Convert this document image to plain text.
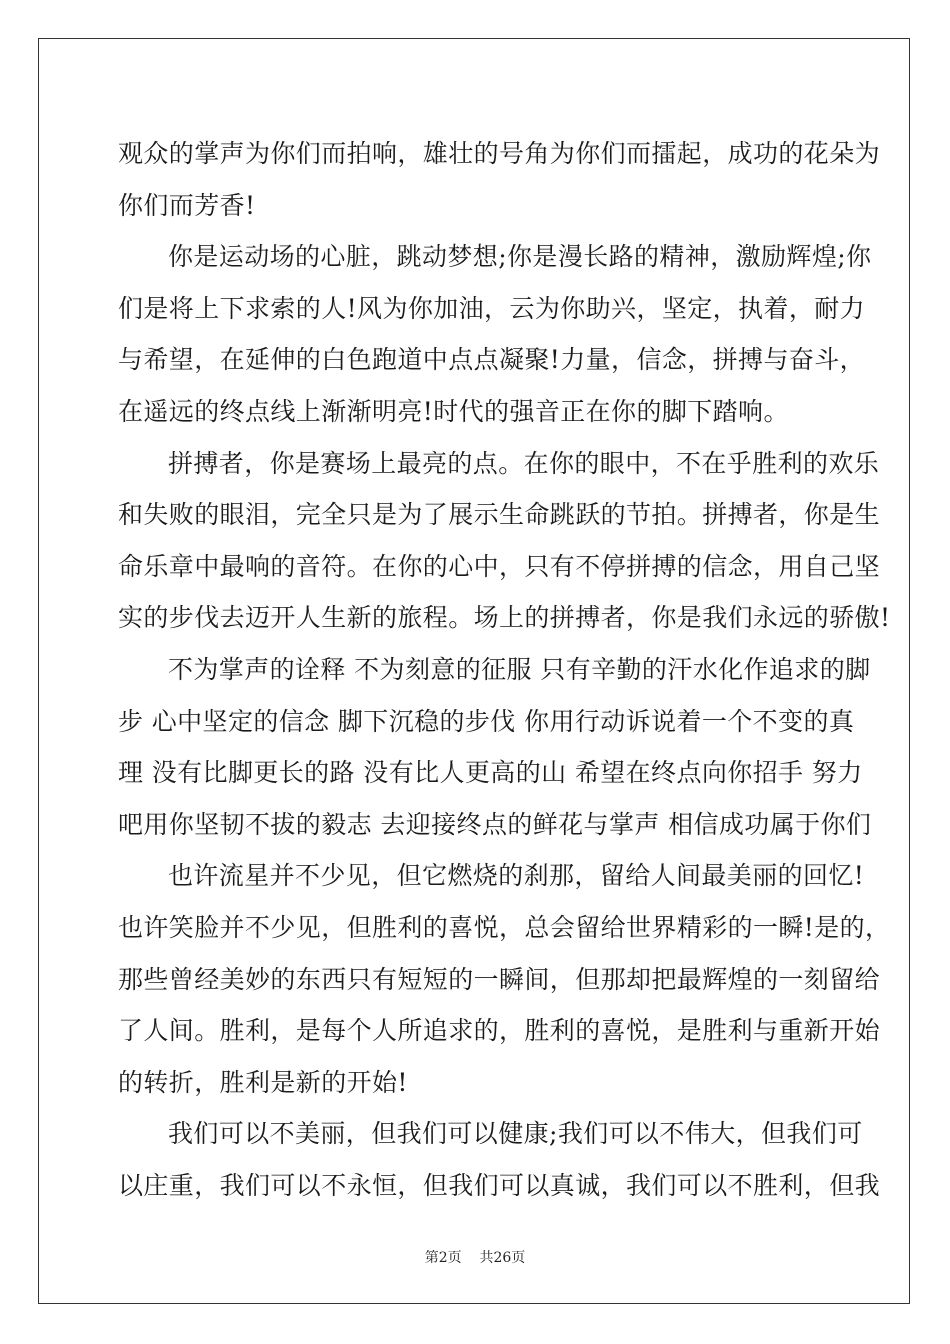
观众的掌声为你们而拍响，雄壮的号角为你们而擂起，成功的花朵为
你们而芳香!
你是运动场的心脏，跳动梦想;你是漫长路的精神，激励辉煌;你
们是将上下求索的人!风为你加油，云为你助兴，坚定，执着，耐力
与希望，在延伸的白色跑道中点点凝聚!力量，信念，拼搏与奋斗，
在遥远的终点线上渐渐明亮!时代的强音正在你的脚下踏响。
拼搏者，你是赛场上最亮的点。在你的眼中，不在乎胜利的欢乐
和失败的眼泪，完全只是为了展示生命跳跃的节拍。拼搏者，你是生
命乐章中最响的音符。在你的心中，只有不停拼搏的信念，用自己坚
实的步伐去迈开人生新的旅程。场上的拼搏者，你是我们永远的骄傲!
不为掌声的诠释 不为刻意的征服 只有辛勤的汗水化作追求的脚
步 心中坚定的信念 脚下沉稳的步伐 你用行动诉说着一个不变的真
理 没有比脚更长的路 没有比人更高的山 希望在终点向你招手 努力
吧用你坚韧不拔的毅志 去迎接终点的鲜花与掌声 相信成功属于你们
也许流星并不少见，但它燃烧的刹那，留给人间最美丽的回忆!
也许笑脸并不少见，但胜利的喜悦，总会留给世界精彩的一瞬!是的，
那些曾经美妙的东西只有短短的一瞬间，但那却把最辉煌的一刻留给
了人间。胜利，是每个人所追求的，胜利的喜悦，是胜利与重新开始
的转折，胜利是新的开始!
我们可以不美丽，但我们可以健康;我们可以不伟大，但我们可
以庄重，我们可以不永恒，但我们可以真诚，我们可以不胜利，但我
第2页    共26页
